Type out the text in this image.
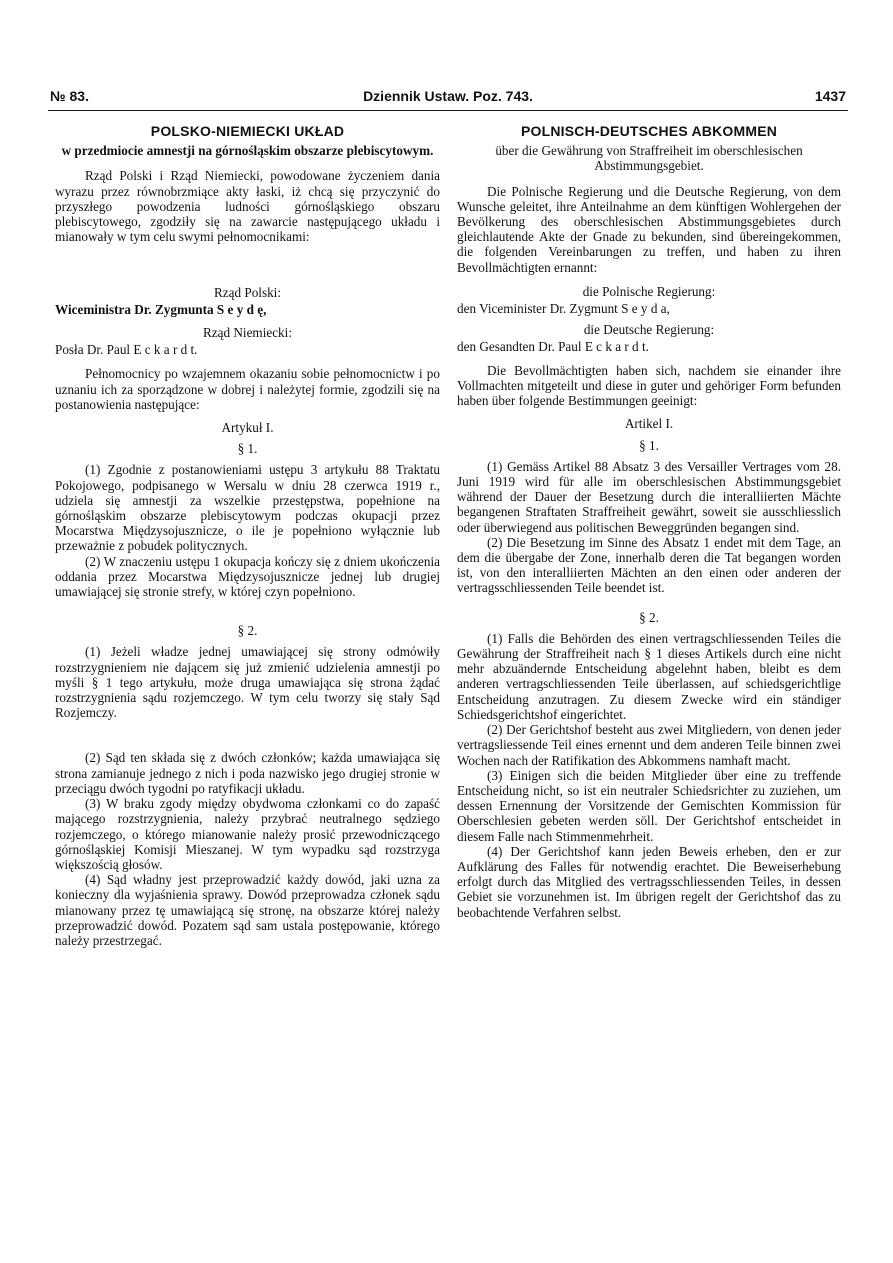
№ 83.	Dziennik Ustaw. Poz. 743.	1437
POLSKO-NIEMIECKI UKŁAD
w przedmiocie amnestji na górnośląskim obszarze plebiscytowym.

Rząd Polski i Rząd Niemiecki, powodowane życzeniem dania wyrazu przez równobrzmiące akty łaski, iż chcą się przyczynić do przyszłego powodzenia ludności górnośląskiego obszaru plebiscytowego, zgodziły się na zawarcie następującego układu i mianowały w tym celu swymi pełnomocnikami:

Rząd Polski:

Wiceministra Dr. Zygmunta S e y d ę,

Rząd Niemiecki:

Posła Dr. Paul E c k a r d t.

Pełnomocnicy po wzajemnem okazaniu sobie pełnomocnictw i po uznaniu ich za sporządzone w dobrej i należytej formie, zgodzili się na postanowienia następujące:

Artykuł I.

§ 1.

(1) Zgodnie z postanowieniami ustępu 3 artykułu 88 Traktatu Pokojowego, podpisanego w Wersalu w dniu 28 czerwca 1919 r., udziela się amnestji za wszelkie przestępstwa, popełnione na górnośląskim obszarze plebiscytowym podczas okupacji przez Mocarstwa Międzysojusznicze, o ile je popełniono wyłącznie lub przeważnie z pobudek politycznych.

(2) W znaczeniu ustępu 1 okupacja kończy się z dniem ukończenia oddania przez Mocarstwa Międzysojusznicze jednej lub drugiej umawiającej się stronie strefy, w której czyn popełniono.

§ 2.

(1) Jeżeli władze jednej umawiającej się strony odmówiły rozstrzygnieniem nie dającem się już zmienić udzielenia amnestji po myśli § 1 tego artykułu, może druga umawiająca się strona żądać rozstrzygnienia sądu rozjemczego. W tym celu tworzy się stały Sąd Rozjemczy.

(2) Sąd ten składa się z dwóch członków; każda umawiająca się strona zamianuje jednego z nich i poda nazwisko jego drugiej stronie w przeciągu dwóch tygodni po ratyfikacji układu.

(3) W braku zgody między obydwoma członkami co do zapaść mającego rozstrzygnienia, należy przybrać neutralnego sędziego rozjemczego, o którego mianowanie należy prosić przewodniczącego górnośląskiej Komisji Mieszanej. W tym wypadku sąd rozstrzyga większością głosów.

(4) Sąd władny jest przeprowadzić każdy dowód, jaki uzna za konieczny dla wyjaśnienia sprawy. Dowód przeprowadza członek sądu mianowany przez tę umawiającą się stronę, na obszarze której należy przeprowadzić dowód. Pozatem sąd sam ustala postępowanie, którego należy przestrzegać.

POLNISCH-DEUTSCHES ABKOMMEN
über die Gewährung von Straffreiheit im oberschlesischen Abstimmungsgebiet.

Die Polnische Regierung und die Deutsche Regierung, von dem Wunsche geleitet, ihre Anteilnahme an dem künftigen Wohlergehen der Bevölkerung des oberschlesischen Abstimmungsgebietes durch gleichlautende Akte der Gnade zu bekunden, sind übereingekommen, die folgenden Vereinbarungen zu treffen, und haben zu ihren Bevollmächtigten ernannt:

die Polnische Regierung:

den Viceminister Dr. Zygmunt S e y d a,

die Deutsche Regierung:

den Gesandten Dr. Paul E c k a r d t.

Die Bevollmächtigten haben sich, nachdem sie einander ihre Vollmachten mitgeteilt und diese in guter und gehöriger Form befunden haben über folgende Bestimmungen geeinigt:

Artikel I.

§ 1.

(1) Gemäss Artikel 88 Absatz 3 des Versailler Vertrages vom 28. Juni 1919 wird für alle im oberschlesischen Abstimmungsgebiet während der Dauer der Besetzung durch die interalliierten Mächte begangenen Straftaten Straffreiheit gewährt, soweit sie ausschliesslich oder überwiegend aus politischen Beweggründen begangen sind.

(2) Die Besetzung im Sinne des Absatz 1 endet mit dem Tage, an dem die übergabe der Zone, innerhalb deren die Tat begangen worden ist, von den interalliierten Mächten an den einen oder anderen der vertragsschliessenden Teile beendet ist.

§ 2.

(1) Falls die Behörden des einen vertragschliessenden Teiles die Gewährung der Straffreiheit nach § 1 dieses Artikels durch eine nicht mehr abzuändernde Entscheidung abgelehnt haben, bleibt es dem anderen vertragschliessenden Teile überlassen, auf schiedsgerichtlige Entscheidung anzutragen. Zu diesem Zwecke wird ein ständiger Schiedsgerichtshof eingerichtet.

(2) Der Gerichtshof besteht aus zwei Mitgliedern, von denen jeder vertragsliessende Teil eines ernennt und dem anderen Teile binnen zwei Wochen nach der Ratifikation des Abkommens namhaft macht.

(3) Einigen sich die beiden Mitglieder über eine zu treffende Entscheidung nicht, so ist ein neutraler Schiedsrichter zu zuziehen, um dessen Ernennung der Vorsitzende der Gemischten Kommission für Oberschlesien gebeten werden söll. Der Gerichtshof entscheidet in diesem Falle nach Stimmenmehrheit.

(4) Der Gerichtshof kann jeden Beweis erheben, den er zur Aufklärung des Falles für notwendig erachtet. Die Beweiserhebung erfolgt durch das Mitglied des vertragsschliessenden Teiles, in dessen Gebiet sie vorzunehmen ist. Im übrigen regelt der Gerichtshof das zu beobachtende Verfahren selbst.
